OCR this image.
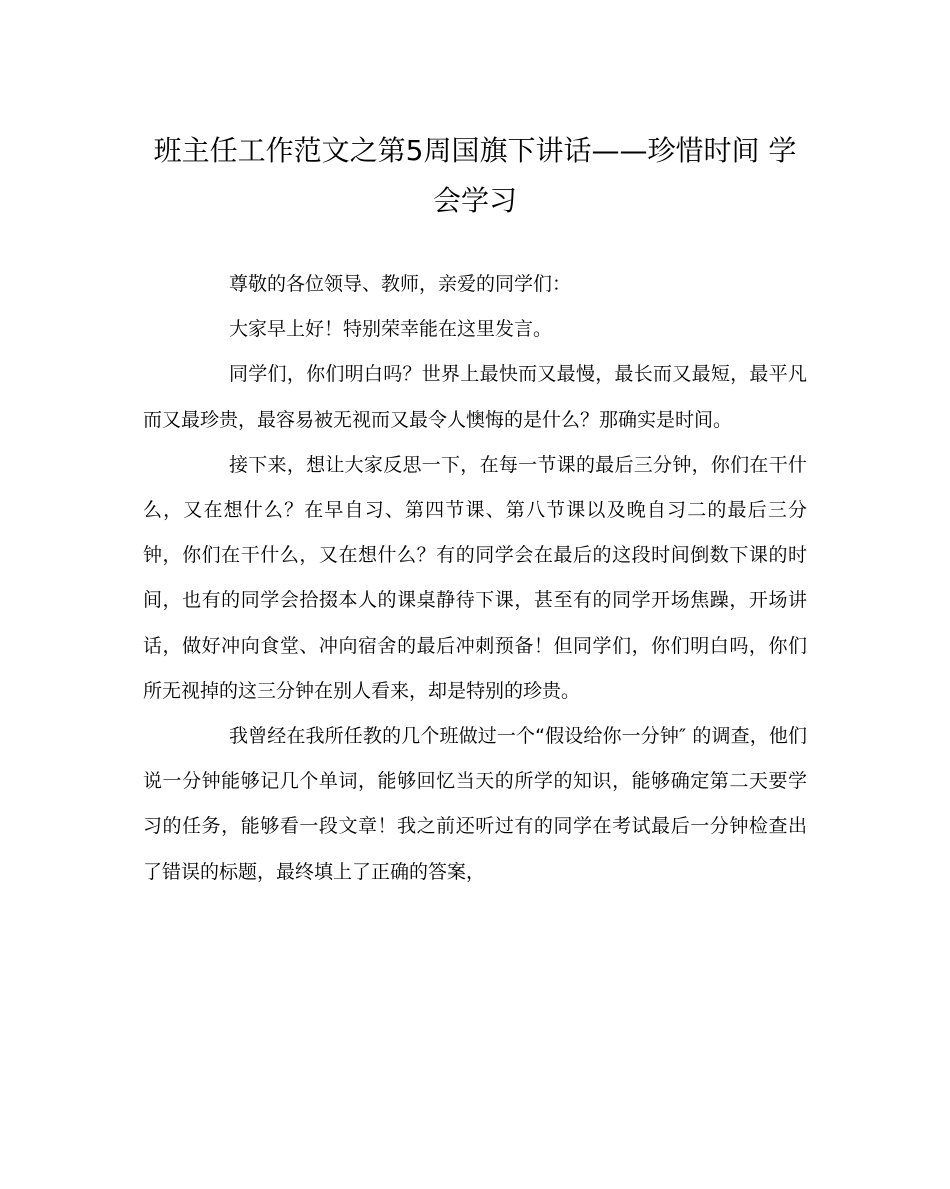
班主任工作范文之第5周国旗下讲话——珍惜时间 学会学习

尊敬的各位领导、教师，亲爱的同学们：

大家早上好！特别荣幸能在这里发言。

同学们，你们明白吗？世界上最快而又最慢，最长而又最短，最平凡而又最珍贵，最容易被无视而又最令人懊悔的是什么？那确实是时间。

接下来，想让大家反思一下，在每一节课的最后三分钟，你们在干什么，又在想什么？在早自习、第四节课、第八节课以及晚自习二的最后三分钟，你们在干什么，又在想什么？有的同学会在最后的这段时间倒数下课的时间，也有的同学会拾掇本人的课桌静待下课，甚至有的同学开场焦躁，开场讲话，做好冲向食堂、冲向宿舍的最后冲刺预备！但同学们，你们明白吗，你们所无视掉的这三分钟在别人看来，却是特别的珍贵。

我曾经在我所任教的几个班做过一个“假设给你一分钟″ 的调查，他们说一分钟能够记几个单词，能够回忆当天的所学的知识，能够确定第二天要学习的任务，能够看一段文章！我之前还听过有的同学在考试最后一分钟检查出了错误的标题，最终填上了正确的答案，
